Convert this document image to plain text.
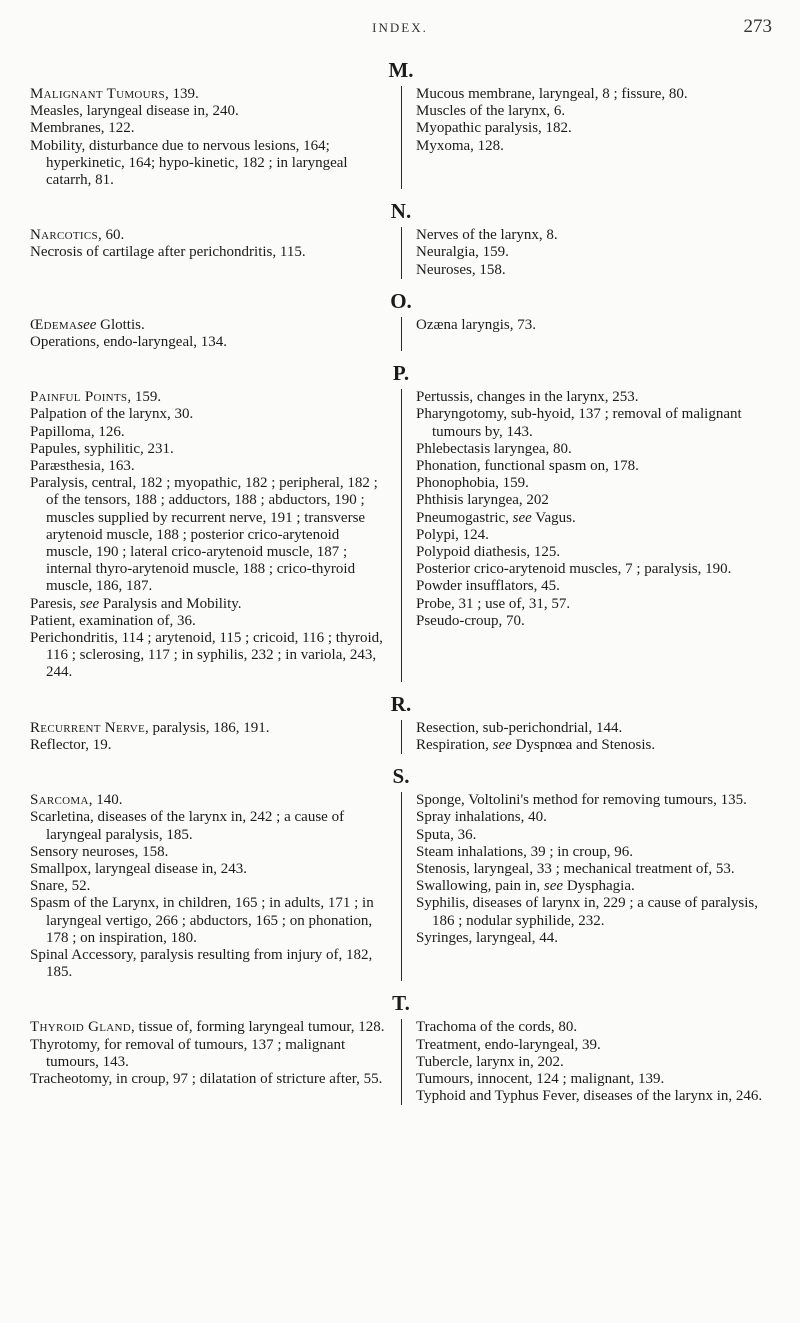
INDEX.	273
M.

Malignant Tumours, 139.

Measles, laryngeal disease in, 240.

Membranes, 122.

Mobility, disturbance due to nervous lesions, 164; hyperkinetic, 164; hypo-kinetic, 182 ; in laryngeal catarrh, 81.

Mucous membrane, laryngeal, 8 ; fissure, 80.

Muscles of the larynx, 6.

Myopathic paralysis, 182.

Myxoma, 128.

N.

Narcotics, 60.

Necrosis of cartilage after perichondritis, 115.

Nerves of the larynx, 8.

Neuralgia, 159.

Neuroses, 158.

O.

Œdemasee Glottis.

Operations, endo-laryngeal, 134.

Ozæna laryngis, 73.

P.

Painful Points, 159.

Palpation of the larynx, 30.

Papilloma, 126.

Papules, syphilitic, 231.

Paræsthesia, 163.

Paralysis, central, 182 ; myopathic, 182 ; peripheral, 182 ; of the tensors, 188 ; adductors, 188 ; abductors, 190 ; muscles supplied by recurrent nerve, 191 ; transverse arytenoid muscle, 188 ; posterior crico-arytenoid muscle, 190 ; lateral crico-arytenoid muscle, 187 ; internal thyro-arytenoid muscle, 188 ; crico-thyroid muscle, 186, 187.

Paresis, see Paralysis and Mobility.

Patient, examination of, 36.

Perichondritis, 114 ; arytenoid, 115 ; cricoid, 116 ; thyroid, 116 ; sclerosing, 117 ; in syphilis, 232 ; in variola, 243, 244.

Pertussis, changes in the larynx, 253.

Pharyngotomy, sub-hyoid, 137 ; removal of malignant tumours by, 143.

Phlebectasis laryngea, 80.

Phonation, functional spasm on, 178.

Phonophobia, 159.

Phthisis laryngea, 202

Pneumogastric, see Vagus.

Polypi, 124.

Polypoid diathesis, 125.

Posterior crico-arytenoid muscles, 7 ; paralysis, 190.

Powder insufflators, 45.

Probe, 31 ; use of, 31, 57.

Pseudo-croup, 70.

R.

Recurrent Nerve, paralysis, 186, 191.

Reflector, 19.

Resection, sub-perichondrial, 144.

Respiration, see Dyspnœa and Stenosis.

S.

Sarcoma, 140.

Scarletina, diseases of the larynx in, 242 ; a cause of laryngeal paralysis, 185.

Sensory neuroses, 158.

Smallpox, laryngeal disease in, 243.

Snare, 52.

Spasm of the Larynx, in children, 165 ; in adults, 171 ; in laryngeal vertigo, 266 ; abductors, 165 ; on phonation, 178 ; on inspiration, 180.

Spinal Accessory, paralysis resulting from injury of, 182, 185.

Sponge, Voltolini's method for removing tumours, 135.

Spray inhalations, 40.

Sputa, 36.

Steam inhalations, 39 ; in croup, 96.

Stenosis, laryngeal, 33 ; mechanical treatment of, 53.

Swallowing, pain in, see Dysphagia.

Syphilis, diseases of larynx in, 229 ; a cause of paralysis, 186 ; nodular syphilide, 232.

Syringes, laryngeal, 44.

T.

Thyroid Gland, tissue of, forming laryngeal tumour, 128.

Thyrotomy, for removal of tumours, 137 ; malignant tumours, 143.

Tracheotomy, in croup, 97 ; dilatation of stricture after, 55.

Trachoma of the cords, 80.

Treatment, endo-laryngeal, 39.

Tubercle, larynx in, 202.

Tumours, innocent, 124 ; malignant, 139.

Typhoid and Typhus Fever, diseases of the larynx in, 246.
